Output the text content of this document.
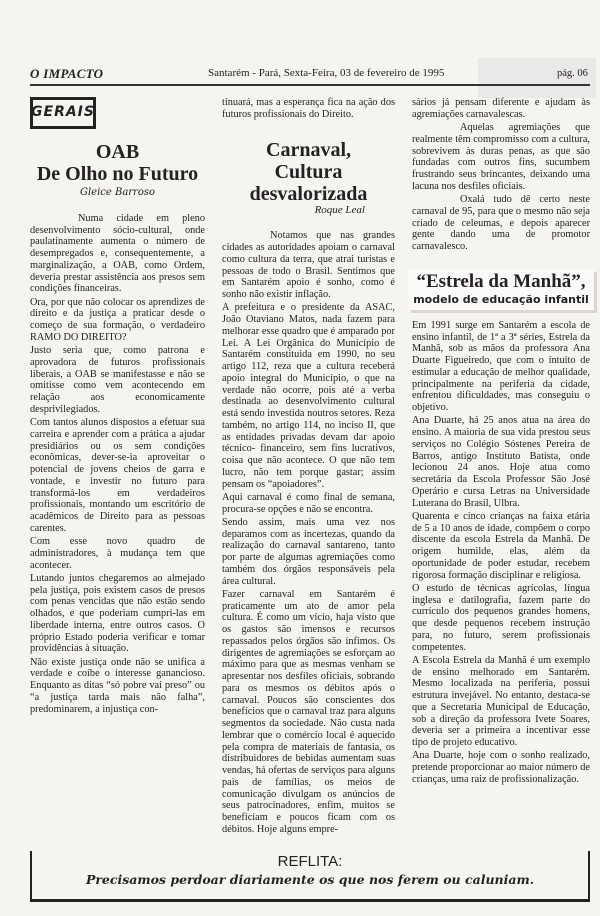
O IMPACTO	Santarém - Pará, Sexta-Feira, 03 de fevereiro de 1995	pág. 06
GERAIS
OAB
De Olho no Futuro
Gleice Barroso

Numa cidade em pleno desenvolvimento sócio-cultural, onde paulatinamente aumenta o número de desempregados e, consequentemente, a marginalização, a OAB, como Ordem, deveria prestar assistência aos presos sem condições financeiras.

Ora, por que não colocar os aprendizes de direito e da justiça a praticar desde o começo de sua formação, o verdadeiro RAMO DO DIREITO?

Justo seria que, como patrona e aprovadora de futuros profissionais liberais, a OAB se manifestasse e não se omitisse como vem acontecendo em relação aos economicamente desprivilegiados.

Com tantos alunos dispostos a efetuar sua carreira e aprender com a prática a ajudar presidiários ou os sem condições econômicas, dever-se-ia aproveitar o potencial de jovens cheios de garra e vontade, e investir no futuro para transformá-los em verdadeiros profissionais, montando um escritório de acadêmicos de Direito para as pessoas carentes.

Com esse novo quadro de administradores, à mudança tem que acontecer.

Lutando juntos chegaremos ao almejado pela justiça, pois existem casos de presos com penas vencidas que não estão sendo olhados, e que poderiam cumpri-las em liberdade interna, entre outros casos. O próprio Estado poderia verificar e tomar providências à situação.

Não existe justiça onde não se unifica a verdade e coíbe o interesse ganancioso. Enquanto as ditas “só pobre vai preso” ou “a justiça tarda mais não falha”, predominarem, a injustiça con-

tinuará, mas a esperança fica na ação dos futuros profissionais do Direito.

Carnaval,
Cultura desvalorizada
Roque Leal

Notamos que nas grandes cidades as autoridades apoiam o carnaval como cultura da terra, que atrai turistas e pessoas de todo o Brasil. Sentimos que em Santarém apoio é sonho, como é sonho não existir inflação.

A prefeitura e o presidente da ASAC, João Otaviano Matos, nada fazem para melhorar esse quadro que é amparado por Lei. A Lei Orgânica do Município de Santarém constituida em 1990, no seu artigo 112, reza que a cultura receberá apoio integral do Município, o que na verdade não ocorre, pois até a verba destinada ao desenvolvimento cultural está sendo investida noutros setores. Reza também, no artigo 114, no inciso II, que as entidades privadas devam dar apoio técnico- financeiro, sem fins lucrativos, coisa que não acontece. O que não tem lucro, não tem porque gastar; assim pensam os “apoiadores”.

Aqui carnaval é como final de semana, procura-se opções e não se encontra.

Sendo assim, mais uma vez nos deparamos com as incertezas, quando da realização do carnaval santareno, tanto por parte de algumas agremiações como também dos órgãos responsáveis pela área cultural.

Fazer carnaval em Santarém é praticamente um ato de amor pela cultura. É como um vício, haja visto que os gastos são imensos e recursos repassados pelos órgãos são ínfimos. Os dirigentes de agremiações se esforçam ao máximo para que as mesmas venham se apresentar nos desfiles oficiais, sobrando para os mesmos os débitos após o carnaval. Poucos são conscientes dos benefícios que o carnaval traz para alguns segmentos da sociedade. Não custa nada lembrar que o comércio local é aquecido pela compra de materiais de fantasia, os distribuidores de bebidas aumentam suas vendas, há ofertas de serviços para alguns pais de famílias, os meios de comunicação divulgam os anúncios de seus patrocinadores, enfim, muitos se beneficiam e poucos ficam com os débitos. Hoje alguns empre-

sários já pensam diferente e ajudam às agremiações carnavalescas.

Aquelas agremiações que realmente têm compromisso com a cultura, sobrevivem às duras penas, as que são fundadas com outros fins, sucumbem frustrando seus brincantes, deixando uma lacuna nos desfiles oficiais.

Oxalá tudo dê certo neste carnaval de 95, para que o mesmo não seja criado de celeumas, e depois aparecer gente dando uma de promotor carnavalesco.

“Estrela da Manhã”,
modelo de educação infantil

Em 1991 surge em Santarém a escola de ensino infantil, de 1ª a 3ª séries, Estrela da Manhã, sob as mãos da professora Ana Duarte Figueiredo, que com o intuito de estimular a educação de melhor qualidade, principalmente na periferia da cidade, enfrentou dificuldades, mas conseguiu o objetivo.

Ana Duarte, há 25 anos atua na área do ensino. A maioria de sua vida prestou seus serviços no Colégio Sóstenes Pereira de Barros, antigo Instituto Batista, onde lecionou 24 anos. Hoje atua como secretária da Escola Professor São José Operário e cursa Letras na Universidade Luterana do Brasil, Ulbra.

Quarenta e cinco crianças na faixa etária de 5 a 10 anos de idade, compõem o corpo discente da escola Estrela da Manhã. De origem humilde, elas, além da oportunidade de poder estudar, recebem rigorosa formação disciplinar e religiosa.

O estudo de técnicas agrícolas, língua inglesa e datilografia, fazem parte do currículo dos pequenos grandes homens, que desde pequenos recebem instrução para, no futuro, serem profissionais competentes.

A Escola Estrela da Manhã é um exemplo de ensino melhorado em Santarém. Mesmo localizada na periferia, possui estrutura invejável. No entanto, destaca-se que a Secretaria Municipal de Educação, sob a direção da professora Ivete Soares, deveria ser a primeira a incentivar esse tipo de projeto educativo.

Ana Duarte, hoje com o sonho realizado, pretende proporcionar ao maior número de crianças, uma raiz de profissionalização.

REFLITA:
Precisamos perdoar diariamente os que nos ferem ou caluniam.
